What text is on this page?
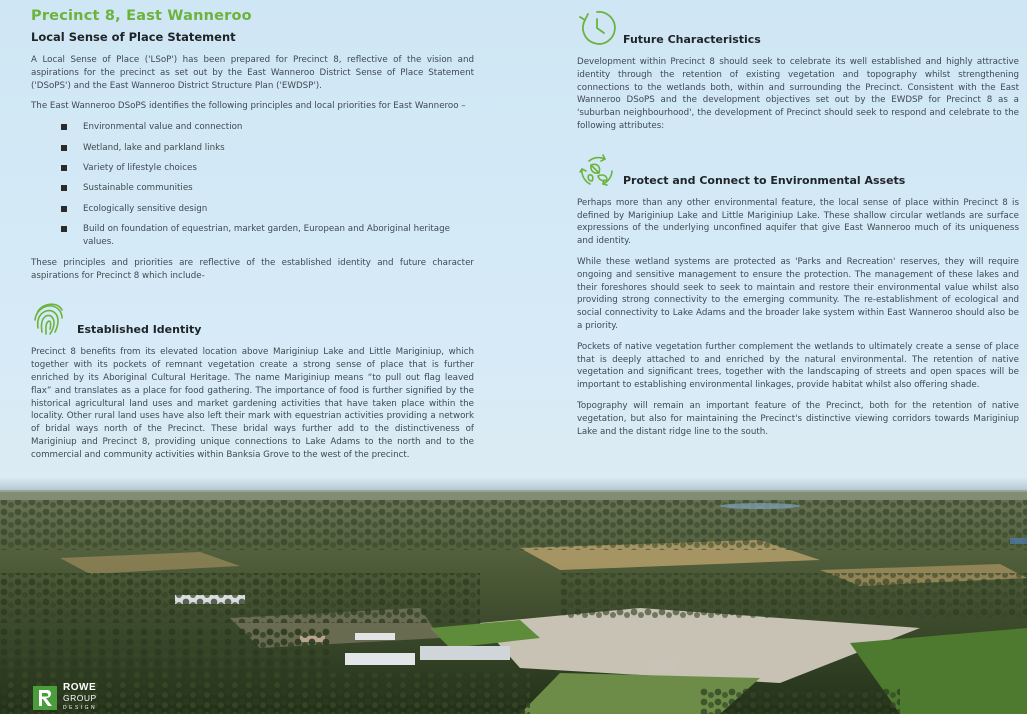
Precinct 8, East Wanneroo
Local Sense of Place Statement

A Local Sense of Place ('LSoP') has been prepared for Precinct 8, reflective of the vision and aspirations for the precinct as set out by the East Wanneroo District Sense of Place Statement ('DSoPS') and the East Wanneroo District Structure Plan ('EWDSP').

The East Wanneroo DSoPS identifies the following principles and local priorities for East Wanneroo –

Environmental value and connection
Wetland, lake and parkland links
Variety of lifestyle choices
Sustainable communities
Ecologically sensitive design
Build on foundation of equestrian, market garden, European and Aboriginal heritage values.

These principles and priorities are reflective of the established identity and future character aspirations for Precinct 8 which include-

Established Identity

Precinct 8 benefits from its elevated location above Mariginiup Lake and Little Mariginiup, which together with its pockets of remnant vegetation create a strong sense of place that is further enriched by its Aboriginal Cultural Heritage. The name Mariginiup means “to pull out flag leaved flax” and translates as a place for food gathering. The importance of food is further signified by the historical agricultural land uses and market gardening activities that have taken place within the locality. Other rural land uses have also left their mark with equestrian activities providing a network of bridal ways north of the Precinct. These bridal ways further add to the distinctiveness of Mariginiup and Precinct 8, providing unique connections to Lake Adams to the north and to the commercial and community activities within Banksia Grove to the west of the precinct.

Future Characteristics

Development within Precinct 8 should seek to celebrate its well established and highly attractive identity through the retention of existing vegetation and topography whilst strengthening connections to the wetlands both, within and surrounding the Precinct. Consistent with the East Wanneroo DSoPS and the development objectives set out by the EWDSP for Precinct 8 as a 'suburban neighbourhood', the development of Precinct should seek to respond and celebrate to the following attributes:

Protect and Connect to Environmental Assets

Perhaps more than any other environmental feature, the local sense of place within Precinct 8 is defined by Mariginiup Lake and Little Mariginiup Lake. These shallow circular wetlands are surface expressions of the underlying unconfined aquifer that give East Wanneroo much of its uniqueness and identity.

While these wetland systems are protected as 'Parks and Recreation' reserves, they will require ongoing and sensitive management to ensure the protection. The management of these lakes and their foreshores should seek to seek to maintain and restore their environmental value whilst also providing strong connectivity to the emerging community. The re-establishment of ecological and social connectivity to Lake Adams and the broader lake system within East Wanneroo should also be a priority.

Pockets of native vegetation further complement the wetlands to ultimately create a sense of place that is deeply attached to and enriched by the natural environmental. The retention of native vegetation and significant trees, together with the landscaping of streets and open spaces will be important to establishing environmental linkages, provide habitat whilst also offering shade.

Topography will remain an important feature of the Precinct, both for the retention of native vegetation, but also for maintaining the Precinct's distinctive viewing corridors towards Mariginiup Lake and the distant ridge line to the south.

ROWE
GROUP
DESIGN
